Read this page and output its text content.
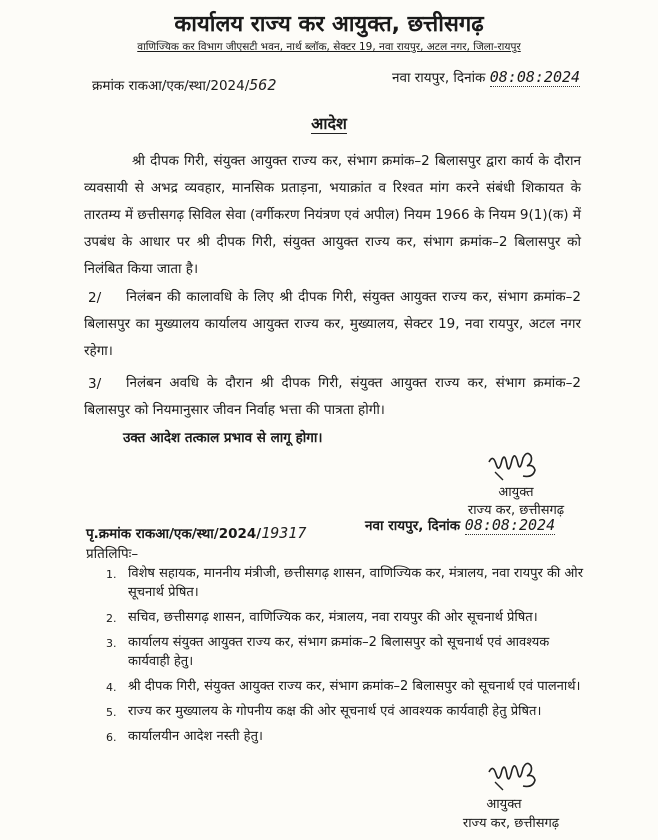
कार्यालय राज्य कर आयुक्त, छत्तीसगढ़
वाणिज्यिक कर विभाग जीएसटी भवन, नार्थ ब्लॉक, सेक्टर 19, नवा रायपुर, अटल नगर, जिला-रायपुर
क्रमांक राकआ/एक/स्था/2024/562	नवा रायपुर, दिनांक 08:08:2024
आदेश
श्री दीपक गिरी, संयुक्त आयुक्त राज्य कर, संभाग क्रमांक–2 बिलासपुर द्वारा कार्य के दौरान व्यवसायी से अभद्र व्यवहार, मानसिक प्रताड़ना, भयाक्रांत व रिश्वत मांग करने संबंधी शिकायत के तारतम्य में छत्तीसगढ़ सिविल सेवा (वर्गीकरण नियंत्रण एवं अपील) नियम 1966 के नियम 9(1)(क) में उपबंध के आधार पर श्री दीपक गिरी, संयुक्त आयुक्त राज्य कर, संभाग क्रमांक–2 बिलासपुर को निलंबित किया जाता है।
2/	निलंबन की कालावधि के लिए श्री दीपक गिरी, संयुक्त आयुक्त राज्य कर, संभाग क्रमांक–2 बिलासपुर का मुख्यालय कार्यालय आयुक्त राज्य कर, मुख्यालय, सेक्टर 19, नवा रायपुर, अटल नगर रहेगा।
3/	निलंबन अवधि के दौरान श्री दीपक गिरी, संयुक्त आयुक्त राज्य कर, संभाग क्रमांक–2 बिलासपुर को नियमानुसार जीवन निर्वाह भत्ता की पात्रता होगी।
उक्त आदेश तत्काल प्रभाव से लागू होगा।
आयुक्त
राज्य कर, छत्तीसगढ़
पृ.क्रमांक राकआ/एक/स्था/2024/19317	नवा रायपुर, दिनांक 08:08:2024
प्रतिलिपिः–
1. विशेष सहायक, माननीय मंत्रीजी, छत्तीसगढ़ शासन, वाणिज्यिक कर, मंत्रालय, नवा रायपुर की ओर सूचनार्थ प्रेषित।
2. सचिव, छत्तीसगढ़ शासन, वाणिज्यिक कर, मंत्रालय, नवा रायपुर की ओर सूचनार्थ प्रेषित।
3. कार्यालय संयुक्त आयुक्त राज्य कर, संभाग क्रमांक–2 बिलासपुर को सूचनार्थ एवं आवश्यक कार्यवाही हेतु।
4. श्री दीपक गिरी, संयुक्त आयुक्त राज्य कर, संभाग क्रमांक–2 बिलासपुर को सूचनार्थ एवं पालनार्थ।
5. राज्य कर मुख्यालय के गोपनीय कक्ष की ओर सूचनार्थ एवं आवश्यक कार्यवाही हेतु प्रेषित।
6. कार्यालयीन आदेश नस्ती हेतु।
आयुक्त
राज्य कर, छत्तीसगढ़
